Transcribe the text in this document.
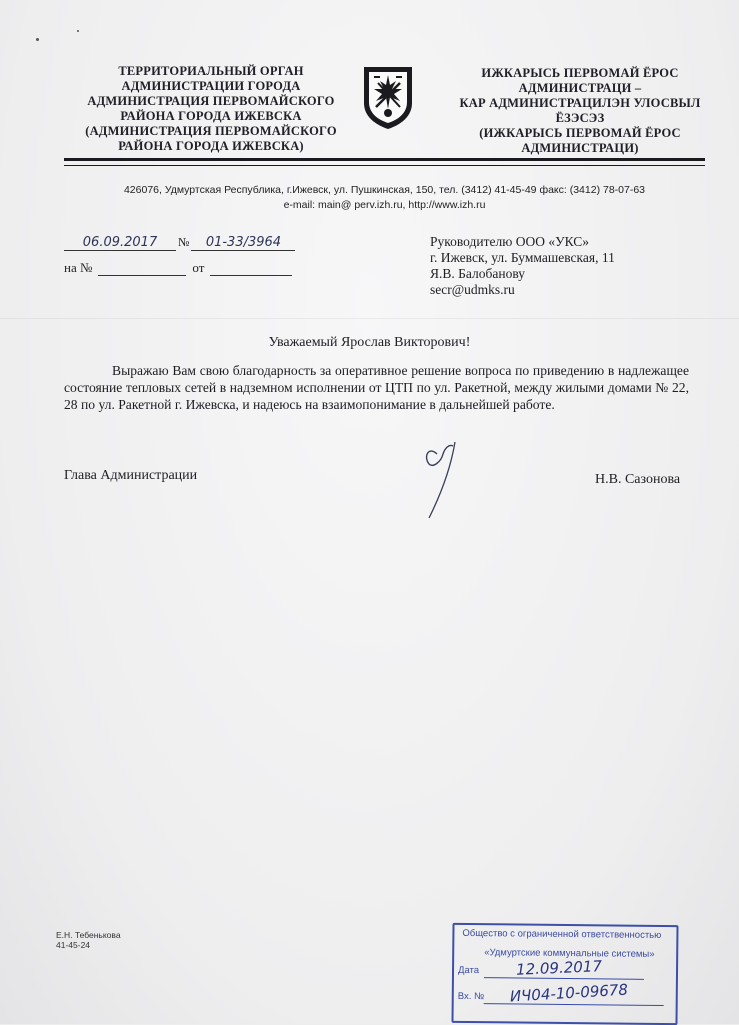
ТЕРРИТОРИАЛЬНЫЙ ОРГАН
АДМИНИСТРАЦИИ ГОРОДА
АДМИНИСТРАЦИЯ ПЕРВОМАЙСКОГО
РАЙОНА ГОРОДА ИЖЕВСКА
(АДМИНИСТРАЦИЯ ПЕРВОМАЙСКОГО
РАЙОНА ГОРОДА ИЖЕВСКА)
ИЖКАРЫСЬ ПЕРВОМАЙ ЁРОС
АДМИНИСТРАЦИ –
КАР АДМИНИСТРАЦИЛЭН УЛОСВЫЛ
ЁЗЭСЭЗ
(ИЖКАРЫСЬ ПЕРВОМАЙ ЁРОС
АДМИНИСТРАЦИ)
426076, Удмуртская Республика, г.Ижевск, ул. Пушкинская, 150, тел. (3412) 41-45-49 факс: (3412) 78-07-63
e-mail: main@ perv.izh.ru, http://www.izh.ru
06.09.2017 № 01-33/3964
на №	от
Руководителю ООО «УКС»
г. Ижевск, ул. Буммашевская, 11
Я.В. Балобанову
secr@udmks.ru
Уважаемый Ярослав Викторович!
Выражаю Вам свою благодарность за оперативное решение вопроса по приведению в надлежащее состояние тепловых сетей в надземном исполнении от ЦТП по ул. Ракетной, между жилыми домами № 22, 28 по ул. Ракетной г. Ижевска, и надеюсь на взаимопонимание в дальнейшей работе.
Глава Администрации	Н.В. Сазонова
Е.Н. Тебенькова
41-45-24
Общество с ограниченной ответственностью
«Удмуртские коммунальные системы»
Дата 12.09.2017
Вх. № ИЧ04-10-09678
